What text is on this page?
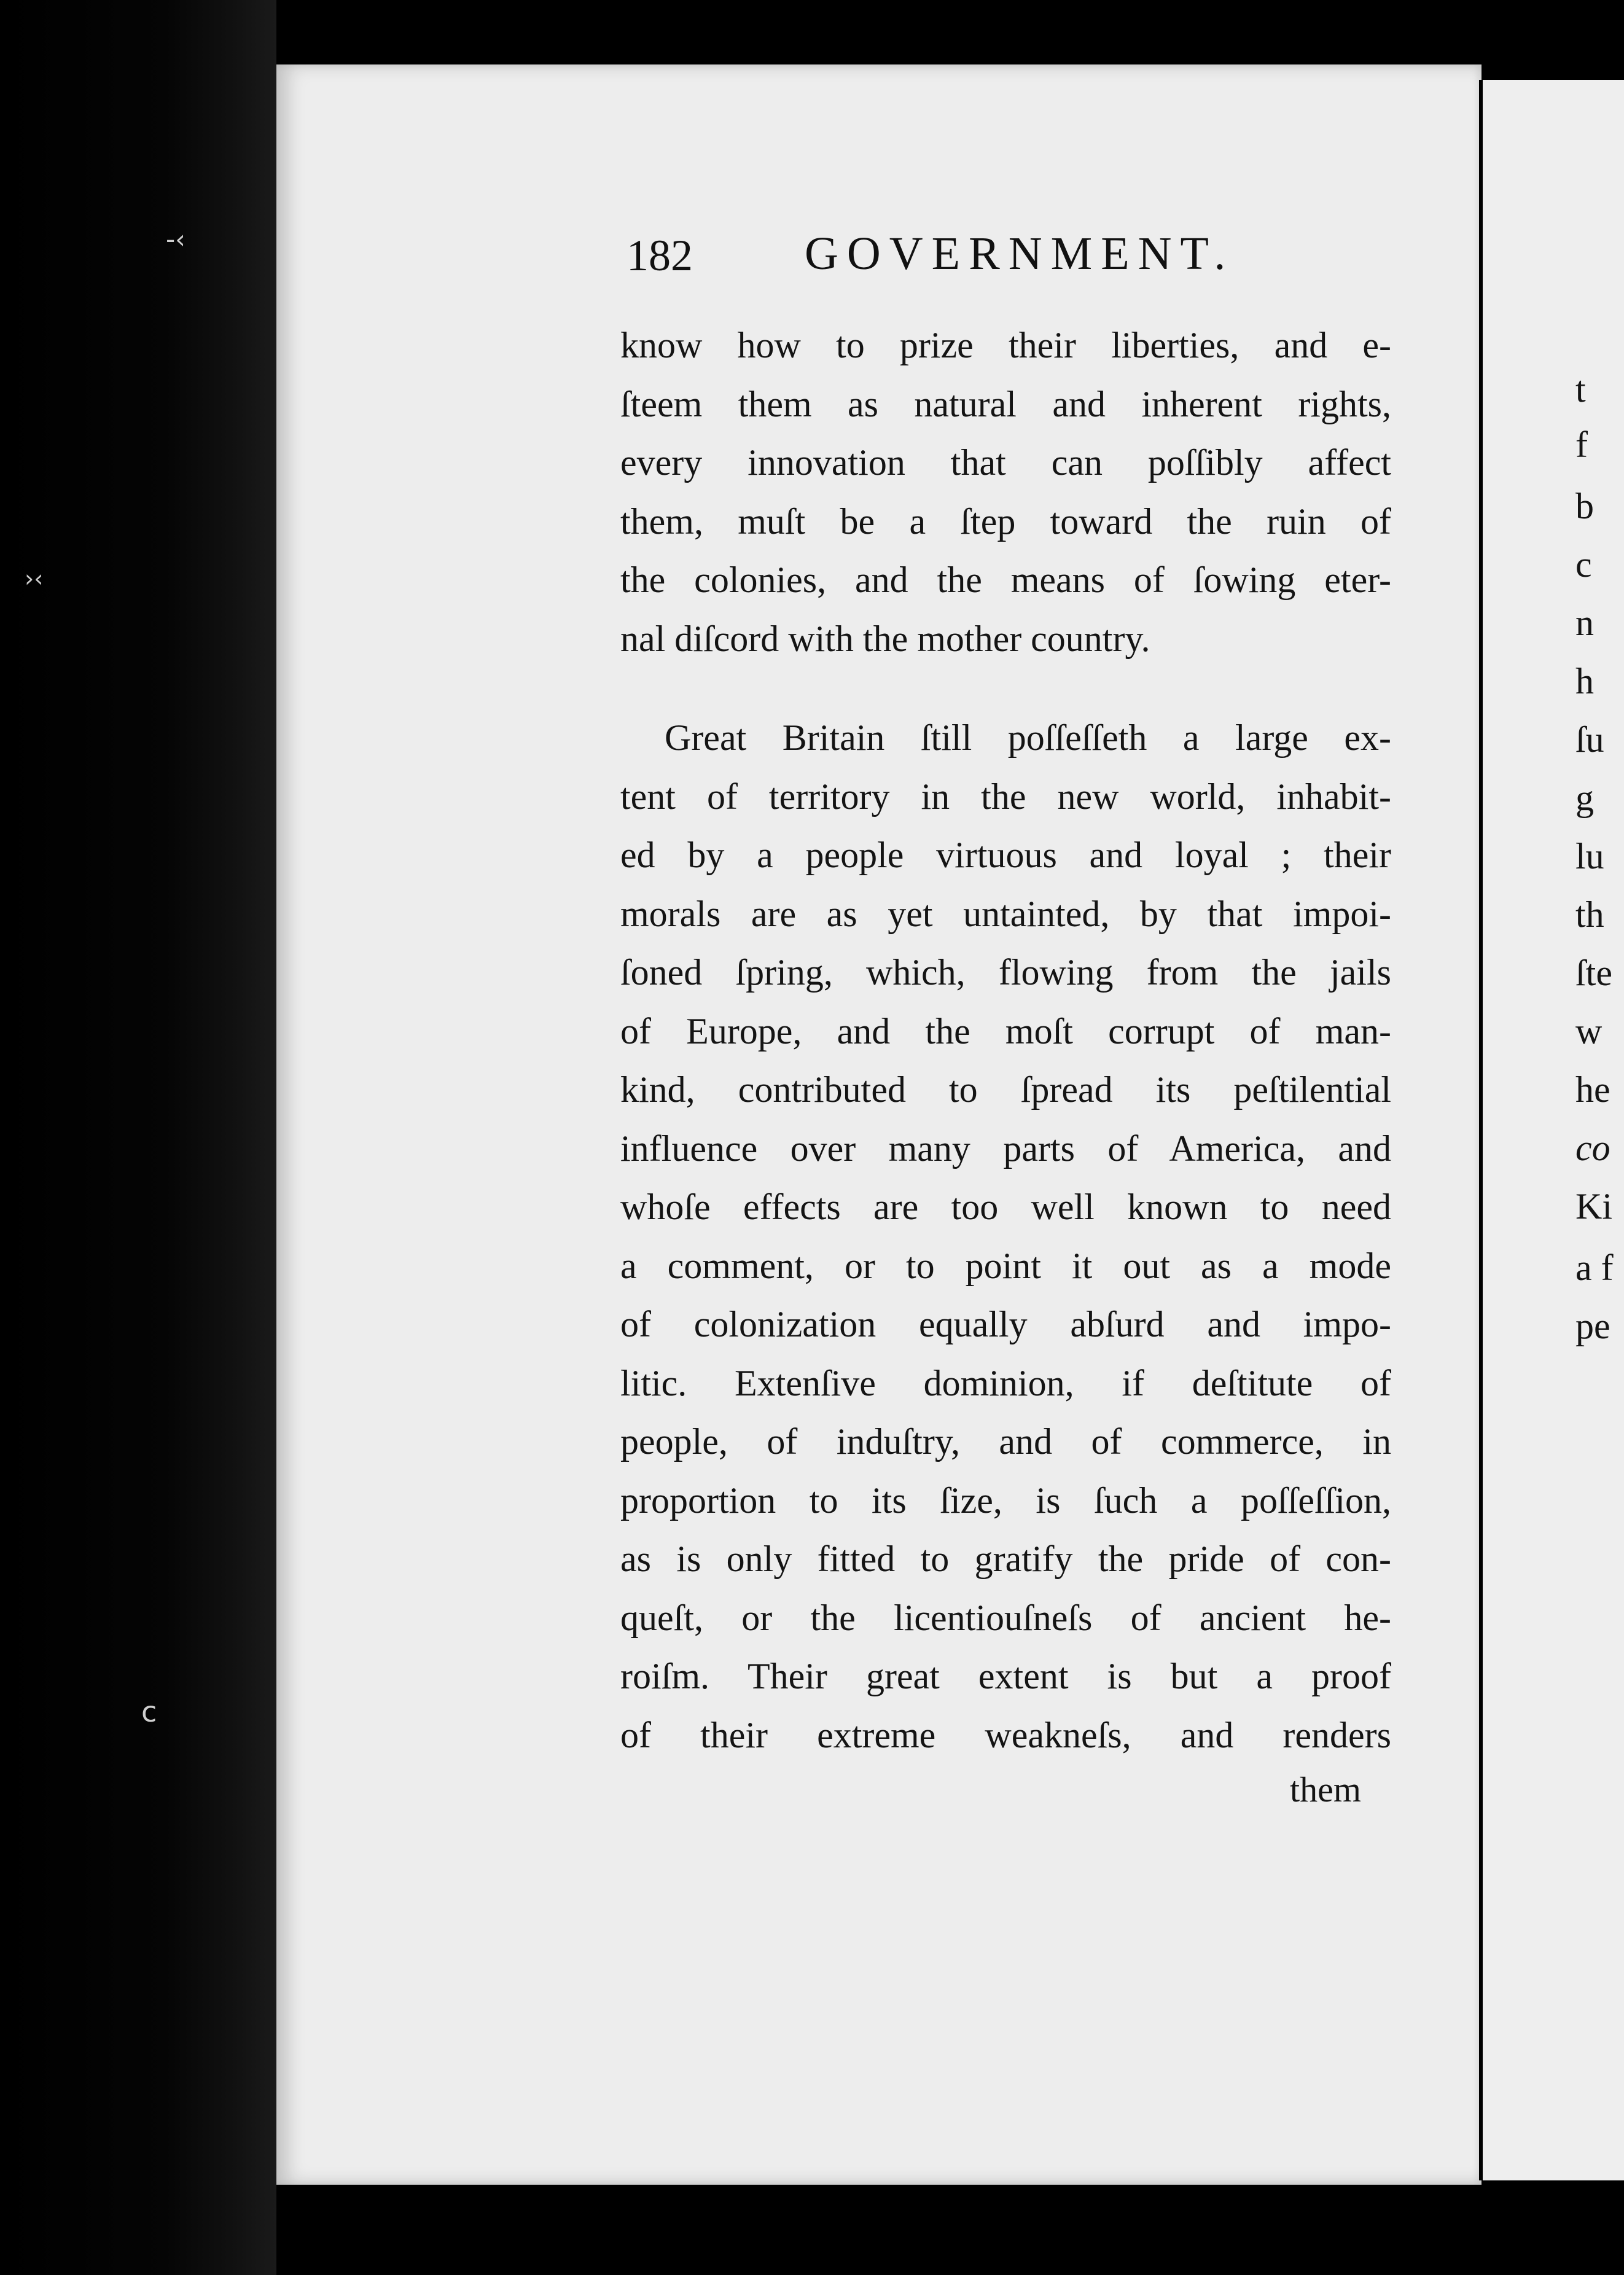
-‹
›‹
c
182 GOVERNMENT.
know how to prize their liberties, and e-
ſteem them as natural and inherent rights,
every innovation that can poſſibly affect
them, muſt be a ſtep toward the ruin of
the colonies, and the means of ſowing eter-
nal diſcord with the mother country.
Great Britain ſtill poſſeſſeth a large ex-
tent of territory in the new world, inhabit-
ed by a people virtuous and loyal ; their
morals are as yet untainted, by that impoi-
ſoned ſpring, which, flowing from the jails
of Europe, and the moſt corrupt of man-
kind, contributed to ſpread its peſtilential
influence over many parts of America, and
whoſe effects are too well known to need
a comment, or to point it out as a mode
of colonization equally abſurd and impo-
litic. Extenſive dominion, if deſtitute of
people, of induſtry, and of commerce, in
proportion to its ſize, is ſuch a poſſeſſion,
as is only fitted to gratify the pride of con-
queſt, or the licentiouſneſs of ancient he-
roiſm. Their great extent is but a proof
of their extreme weakneſs, and renders
them
t
f
b
c
n
h
ſu
g
lu
th
ſte
w
he
co
Ki
a f
pe
